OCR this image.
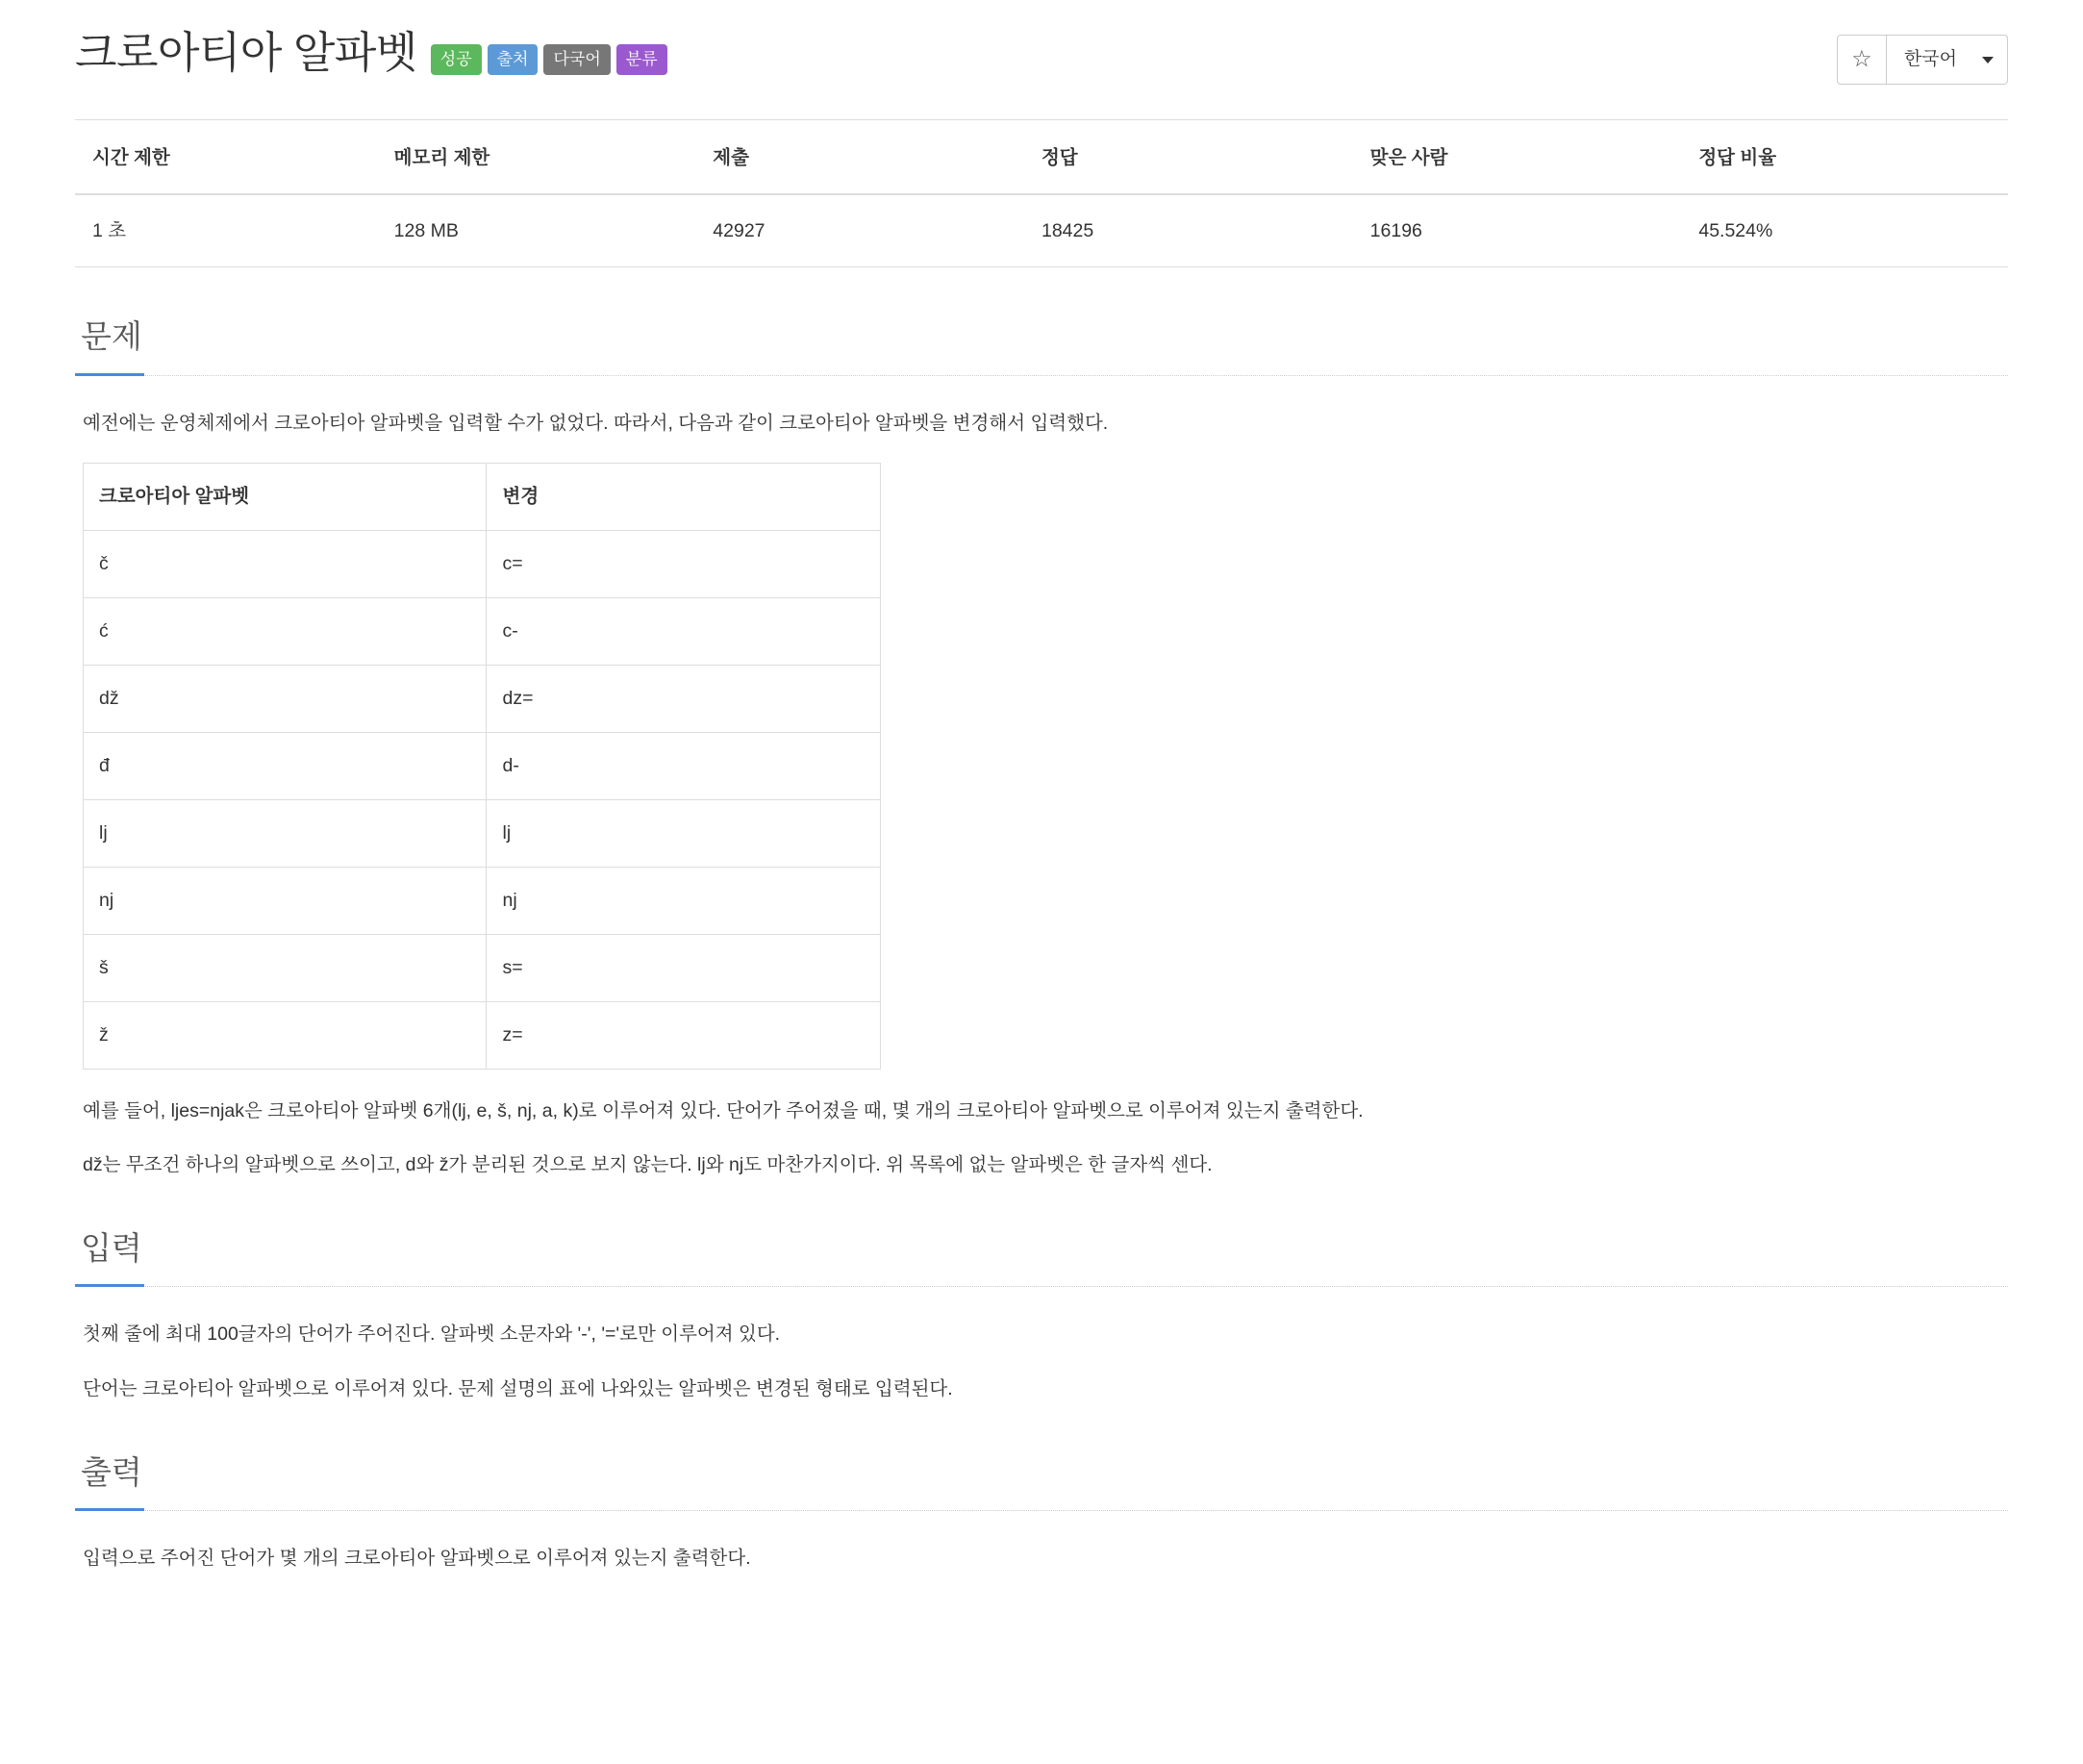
크로아티아 알파벳	성공	출처	다국어	분류	☆	한국어
시간 제한	메모리 제한	제출	정답	맞은 사람	정답 비율
1 초	128 MB	42927	18425	16196	45.524%
문제

예전에는 운영체제에서 크로아티아 알파벳을 입력할 수가 없었다. 따라서, 다음과 같이 크로아티아 알파벳을 변경해서 입력했다.

크로아티아 알파벳	변경
č	c=
ć	c-
dž	dz=
đ	d-
lj	lj
nj	nj
š	s=
ž	z=

예를 들어, ljes=njak은 크로아티아 알파벳 6개(lj, e, š, nj, a, k)로 이루어져 있다. 단어가 주어졌을 때, 몇 개의 크로아티아 알파벳으로 이루어져 있는지 출력한다.

dž는 무조건 하나의 알파벳으로 쓰이고, d와 ž가 분리된 것으로 보지 않는다. lj와 nj도 마찬가지이다. 위 목록에 없는 알파벳은 한 글자씩 센다.

입력

첫째 줄에 최대 100글자의 단어가 주어진다. 알파벳 소문자와 '-', '='로만 이루어져 있다.

단어는 크로아티아 알파벳으로 이루어져 있다. 문제 설명의 표에 나와있는 알파벳은 변경된 형태로 입력된다.

출력

입력으로 주어진 단어가 몇 개의 크로아티아 알파벳으로 이루어져 있는지 출력한다.
